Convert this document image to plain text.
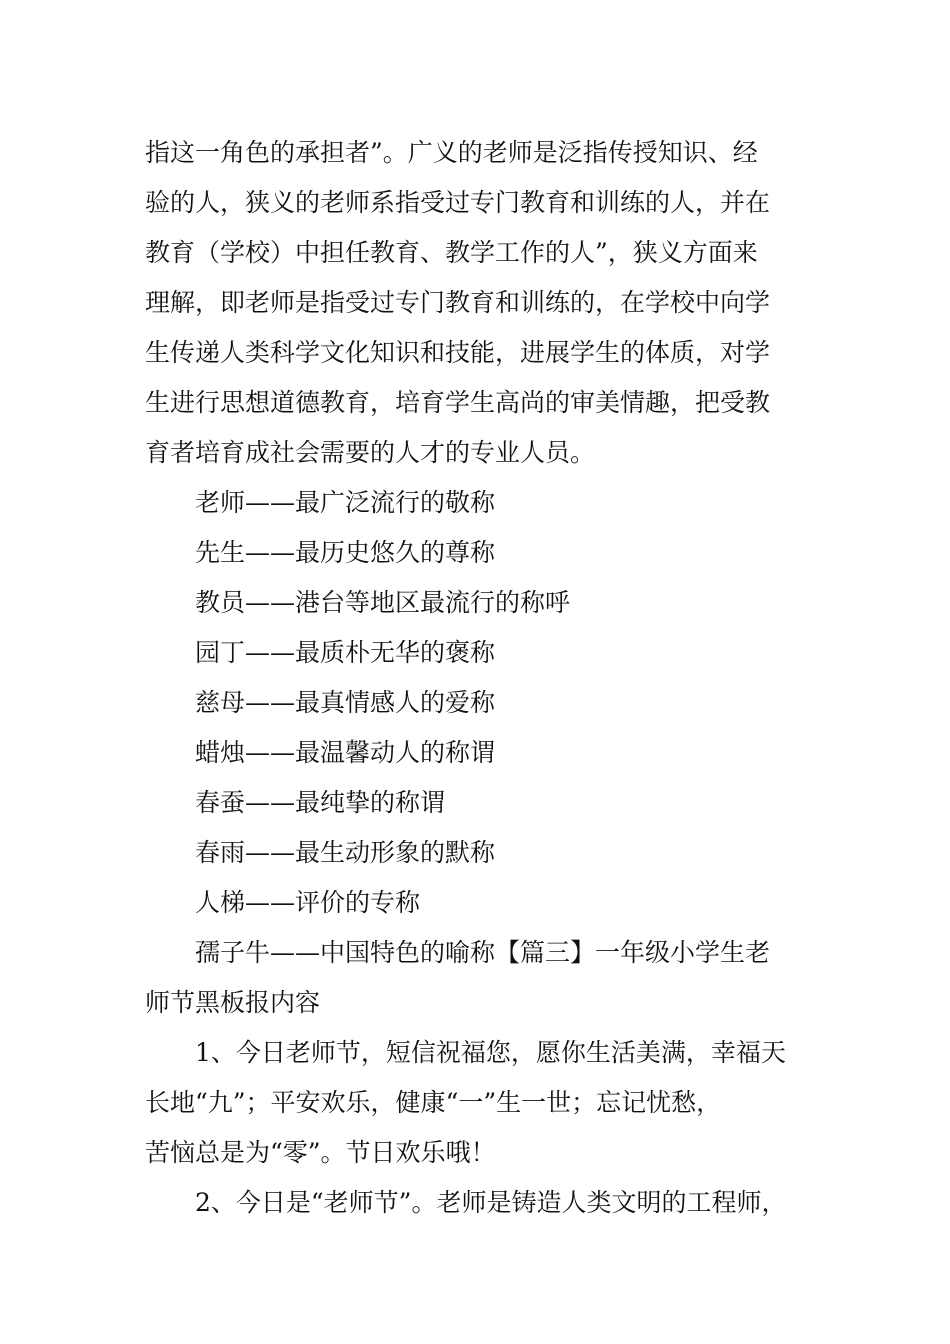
指这一角色的承担者”。广义的老师是泛指传授知识、经
验的人，狭义的老师系指受过专门教育和训练的人，并在
教育（学校）中担任教育、教学工作的人”，狭义方面来
理解，即老师是指受过专门教育和训练的，在学校中向学
生传递人类科学文化知识和技能，进展学生的体质，对学
生进行思想道德教育，培育学生高尚的审美情趣，把受教
育者培育成社会需要的人才的专业人员。
老师——最广泛流行的敬称
先生——最历史悠久的尊称
教员——港台等地区最流行的称呼
园丁——最质朴无华的褒称
慈母——最真情感人的爱称
蜡烛——最温馨动人的称谓
春蚕——最纯挚的称谓
春雨——最生动形象的默称
人梯——评价的专称
孺子牛——中国特色的喻称【篇三】一年级小学生老
师节黑板报内容
1、今日老师节，短信祝福您，愿你生活美满，幸福天
长地“九”；平安欢乐，健康“一”生一世；忘记忧愁，
苦恼总是为“零”。节日欢乐哦！
2、今日是“老师节”。老师是铸造人类文明的工程师，
